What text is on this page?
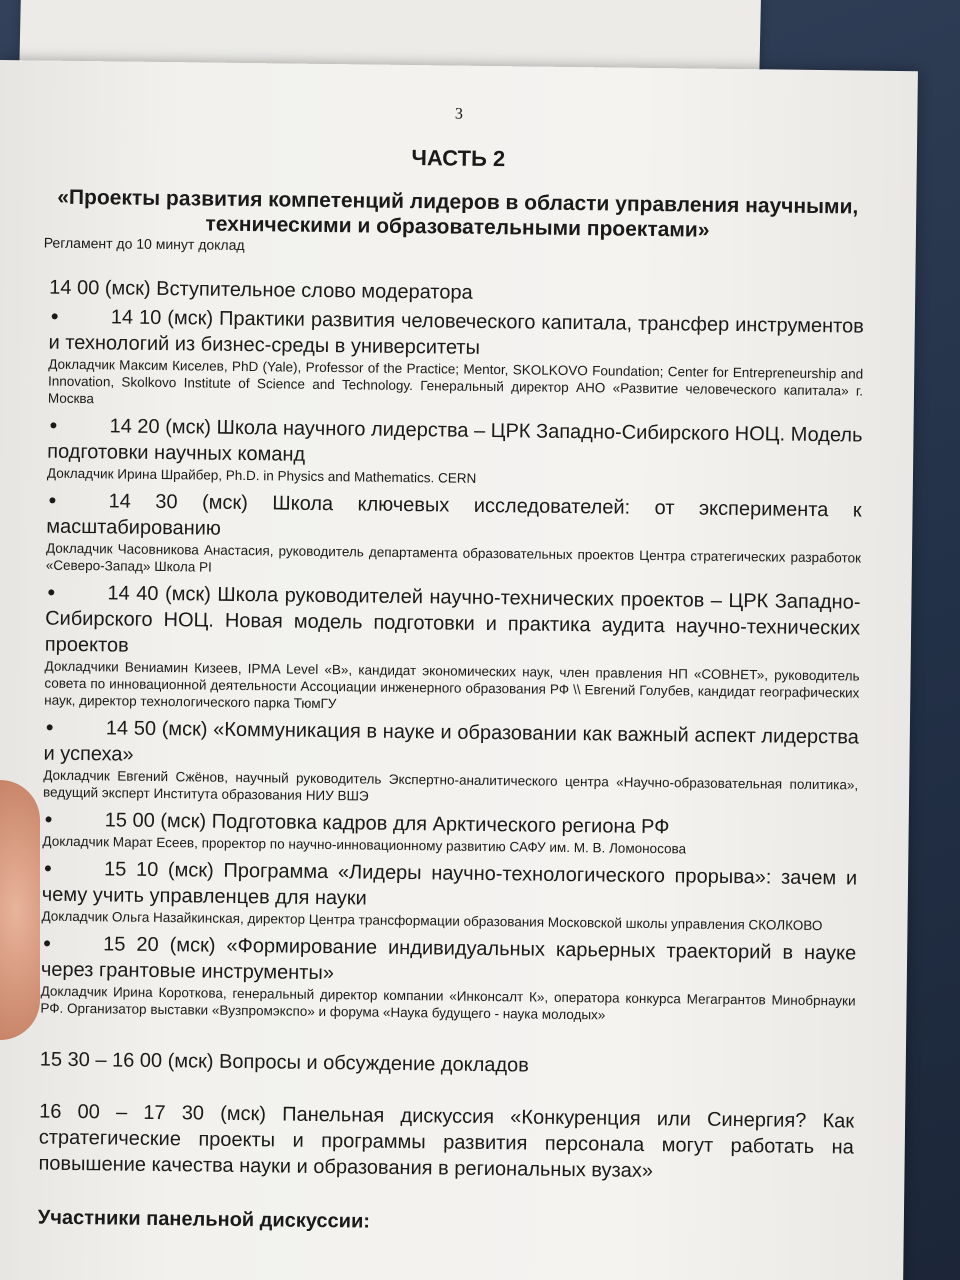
3
ЧАСТЬ 2
«Проекты развития компетенций лидеров в области управления научными, техническими и образовательными проектами»
Регламент до 10 минут доклад
14 00 (мск) Вступительное слово модератора
•	14 10 (мск) Практики развития человеческого капитала, трансфер инструментов и технологий из бизнес-среды в университеты

Докладчик Максим Киселев, PhD (Yale), Professor of the Practice; Mentor, SKOLKOVO Foundation; Center for Entrepreneurship and Innovation, Skolkovo Institute of Science and Technology. Генеральный директор АНО «Развитие человеческого капитала» г. Москва

•	14 20 (мск) Школа научного лидерства – ЦРК Западно-Сибирского НОЦ. Модель подготовки научных команд

Докладчик Ирина Шрайбер, Ph.D. in Physics and Mathematics. CERN

•	14 30 (мск) Школа ключевых исследователей: от эксперимента к масштабированию

Докладчик Часовникова Анастасия, руководитель департамента образовательных проектов Центра стратегических разработок «Северо-Запад» Школа PI

•	14 40 (мск) Школа руководителей научно-технических проектов – ЦРК Западно-Сибирского НОЦ. Новая модель подготовки и практика аудита научно-технических проектов

Докладчики Вениамин Кизеев, IPMA Level «B», кандидат экономических наук, член правления НП «СОВНЕТ», руководитель совета по инновационной деятельности Ассоциации инженерного образования РФ \\ Евгений Голубев, кандидат географических наук, директор технологического парка ТюмГУ

•	14 50 (мск) «Коммуникация в науке и образовании как важный аспект лидерства и успеха»

Докладчик Евгений Сжёнов, научный руководитель Экспертно-аналитического центра «Научно-образовательная политика», ведущий эксперт Института образования НИУ ВШЭ

•	15 00 (мск) Подготовка кадров для Арктического региона РФ

Докладчик Марат Есеев, проректор по научно-инновационному развитию САФУ им. М. В. Ломоносова

•	15 10 (мск) Программа «Лидеры научно-технологического прорыва»: зачем и чему учить управленцев для науки

Докладчик Ольга Назайкинская, директор Центра трансформации образования Московской школы управления СКОЛКОВО

•	15 20 (мск) «Формирование индивидуальных карьерных траекторий в науке через грантовые инструменты»

Докладчик Ирина Короткова, генеральный директор компании «Инконсалт К», оператора конкурса Мегагрантов Минобрнауки РФ. Организатор выставки «Вузпромэкспо» и форума «Наука будущего - наука молодых»

15 30 – 16 00 (мск) Вопросы и обсуждение докладов
16 00 – 17 30 (мск) Панельная дискуссия «Конкуренция или Синергия? Как стратегические проекты и программы развития персонала могут работать на повышение качества науки и образования в региональных вузах»
Участники панельной дискуссии:
